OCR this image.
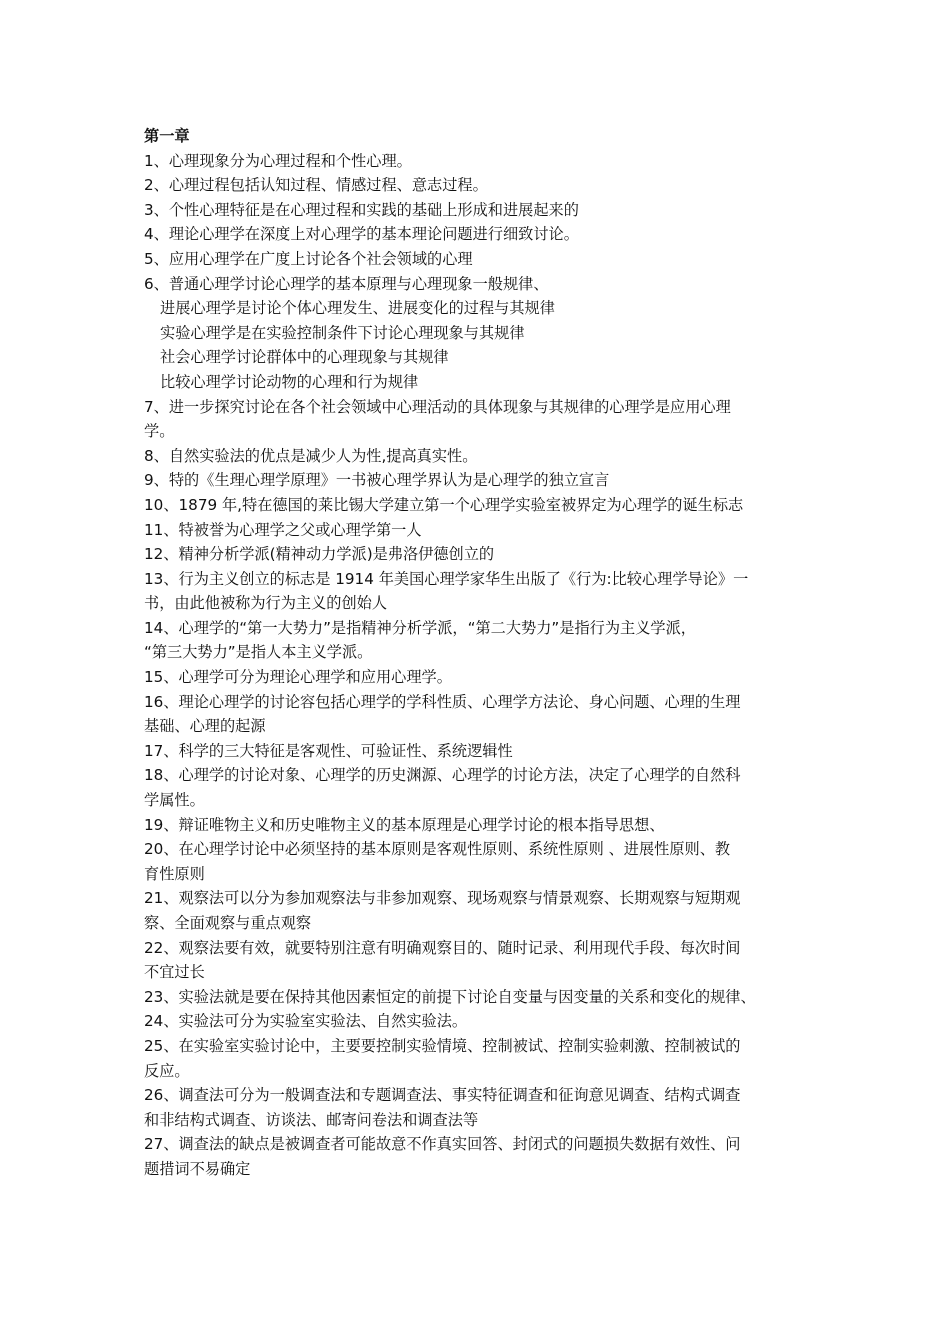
第一章
1、心理现象分为心理过程和个性心理。
2、心理过程包括认知过程、情感过程、意志过程。
3、个性心理特征是在心理过程和实践的基础上形成和进展起来的
4、理论心理学在深度上对心理学的基本理论问题进行细致讨论。
5、应用心理学在广度上讨论各个社会领域的心理
6、普通心理学讨论心理学的基本原理与心理现象一般规律、
进展心理学是讨论个体心理发生、进展变化的过程与其规律
实验心理学是在实验控制条件下讨论心理现象与其规律
社会心理学讨论群体中的心理现象与其规律
比较心理学讨论动物的心理和行为规律
7、进一步探究讨论在各个社会领域中心理活动的具体现象与其规律的心理学是应用心理
学。
8、自然实验法的优点是减少人为性,提高真实性。
9、特的《生理心理学原理》一书被心理学界认为是心理学的独立宣言
10、1879 年,特在德国的莱比锡大学建立第一个心理学实验室被界定为心理学的诞生标志
11、特被誉为心理学之父或心理学第一人
12、精神分析学派(精神动力学派)是弗洛伊德创立的
13、行为主义创立的标志是 1914 年美国心理学家华生出版了《行为:比较心理学导论》一
书，由此他被称为行为主义的创始人
14、心理学的“第一大势力”是指精神分析学派，“第二大势力”是指行为主义学派，
“第三大势力”是指人本主义学派。
15、心理学可分为理论心理学和应用心理学。
16、理论心理学的讨论容包括心理学的学科性质、心理学方法论、身心问题、心理的生理
基础、心理的起源
17、科学的三大特征是客观性、可验证性、系统逻辑性
18、心理学的讨论对象、心理学的历史渊源、心理学的讨论方法，决定了心理学的自然科
学属性。
19、辩证唯物主义和历史唯物主义的基本原理是心理学讨论的根本指导思想、
20、在心理学讨论中必须坚持的基本原则是客观性原则、系统性原则 、进展性原则、教
育性原则
21、观察法可以分为参加观察法与非参加观察、现场观察与情景观察、长期观察与短期观
察、全面观察与重点观察
22、观察法要有效，就要特别注意有明确观察目的、随时记录、利用现代手段、每次时间
不宜过长
23、实验法就是要在保持其他因素恒定的前提下讨论自变量与因变量的关系和变化的规律、
24、实验法可分为实验室实验法、自然实验法。
25、在实验室实验讨论中，主要要控制实验情境、控制被试、控制实验刺激、控制被试的
反应。
26、调查法可分为一般调查法和专题调查法、事实特征调查和征询意见调查、结构式调查
和非结构式调查、访谈法、邮寄问卷法和调查法等
27、调查法的缺点是被调查者可能故意不作真实回答、封闭式的问题损失数据有效性、问
题措词不易确定
